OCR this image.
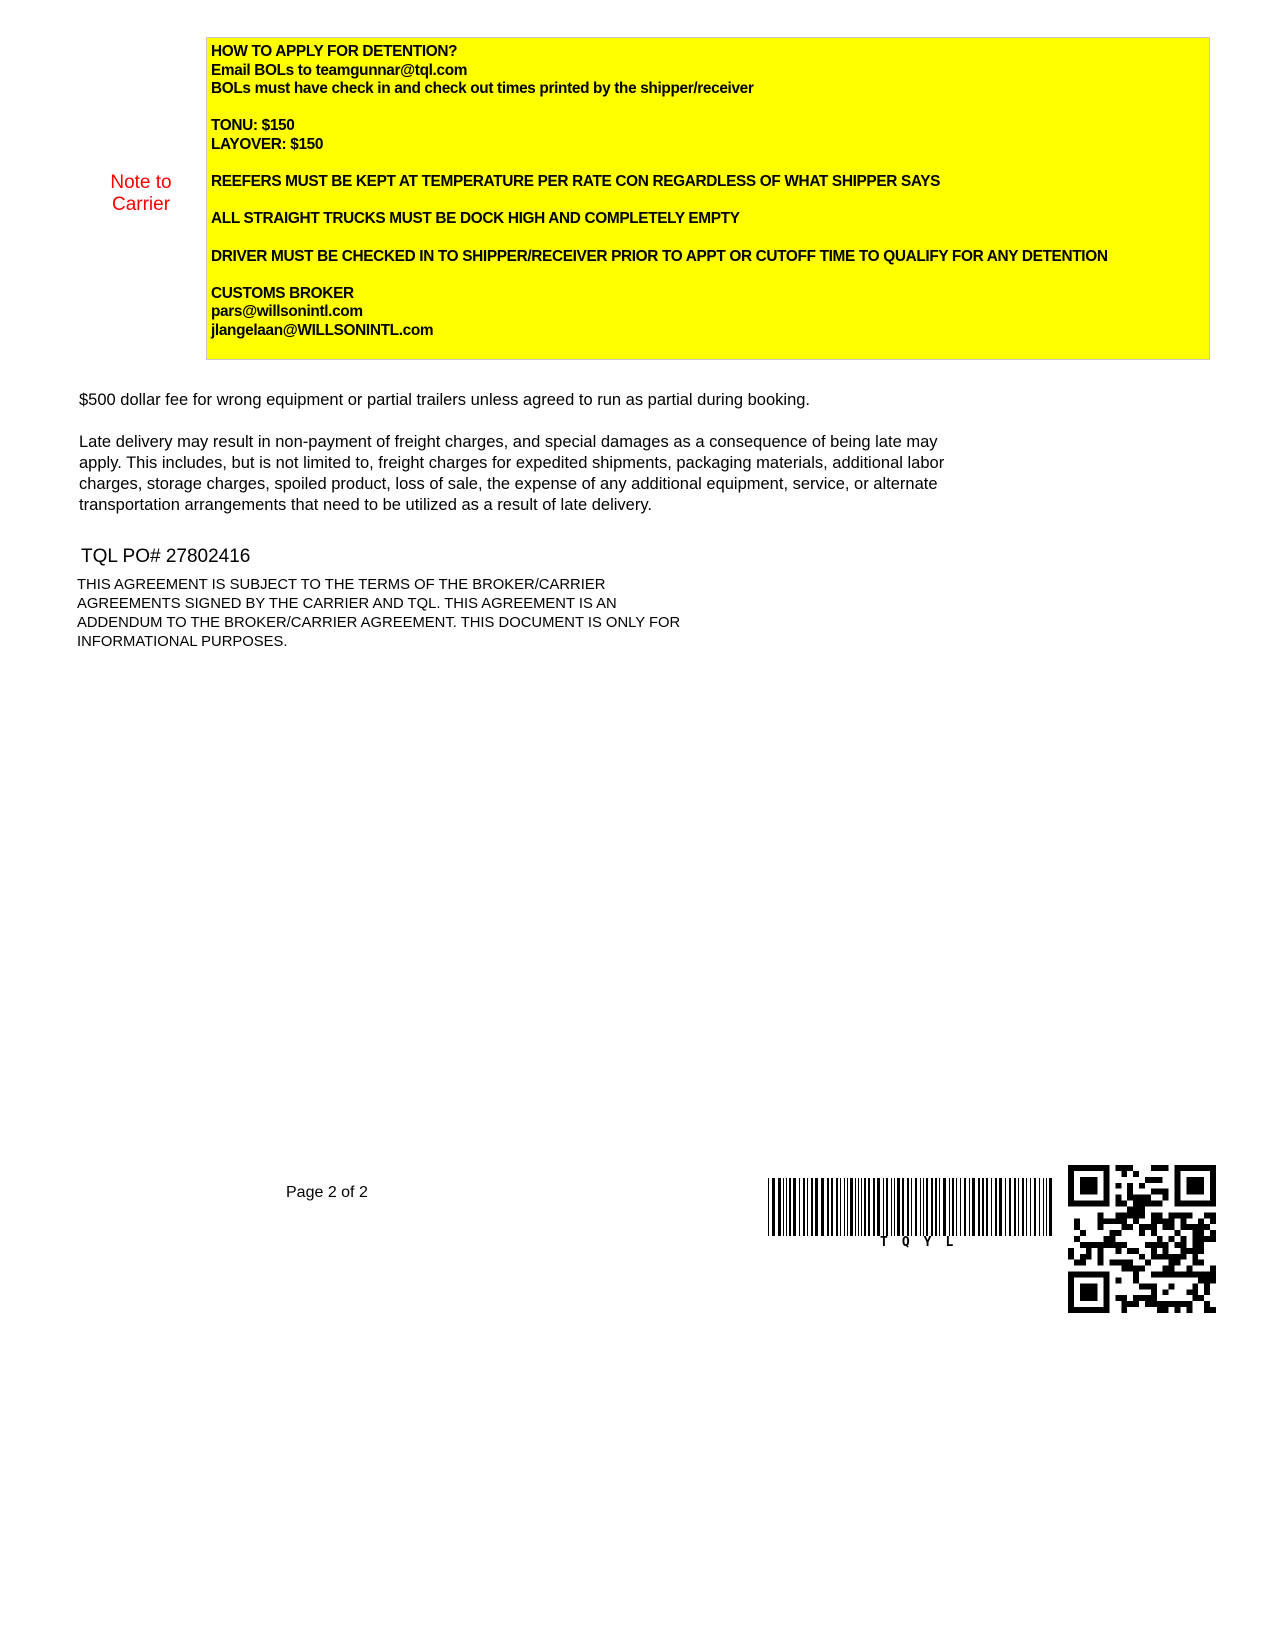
Note to
Carrier
HOW TO APPLY FOR DETENTION?
Email BOLs to teamgunnar@tql.com
BOLs must have check in and check out times printed by the shipper/receiver
TONU: $150
LAYOVER: $150
REEFERS MUST BE KEPT AT TEMPERATURE PER RATE CON REGARDLESS OF WHAT SHIPPER SAYS
ALL STRAIGHT TRUCKS MUST BE DOCK HIGH AND COMPLETELY EMPTY
DRIVER MUST BE CHECKED IN TO SHIPPER/RECEIVER PRIOR TO APPT OR CUTOFF TIME TO QUALIFY FOR ANY DETENTION
CUSTOMS BROKER
pars@willsonintl.com
jlangelaan@WILLSONINTL.com
$500 dollar fee for wrong equipment or partial trailers unless agreed to run as partial during booking.
Late delivery may result in non-payment of freight charges, and special damages as a consequence of being late may
apply. This includes, but is not limited to, freight charges for expedited shipments, packaging materials, additional labor
charges, storage charges, spoiled product, loss of sale, the expense of any additional equipment, service, or alternate
transportation arrangements that need to be utilized as a result of late delivery.
TQL PO# 27802416
THIS AGREEMENT IS SUBJECT TO THE TERMS OF THE BROKER/CARRIER
AGREEMENTS SIGNED BY THE CARRIER AND TQL. THIS AGREEMENT IS AN
ADDENDUM TO THE BROKER/CARRIER AGREEMENT. THIS DOCUMENT IS ONLY FOR
INFORMATIONAL PURPOSES.
Page 2 of 2
TQYL
